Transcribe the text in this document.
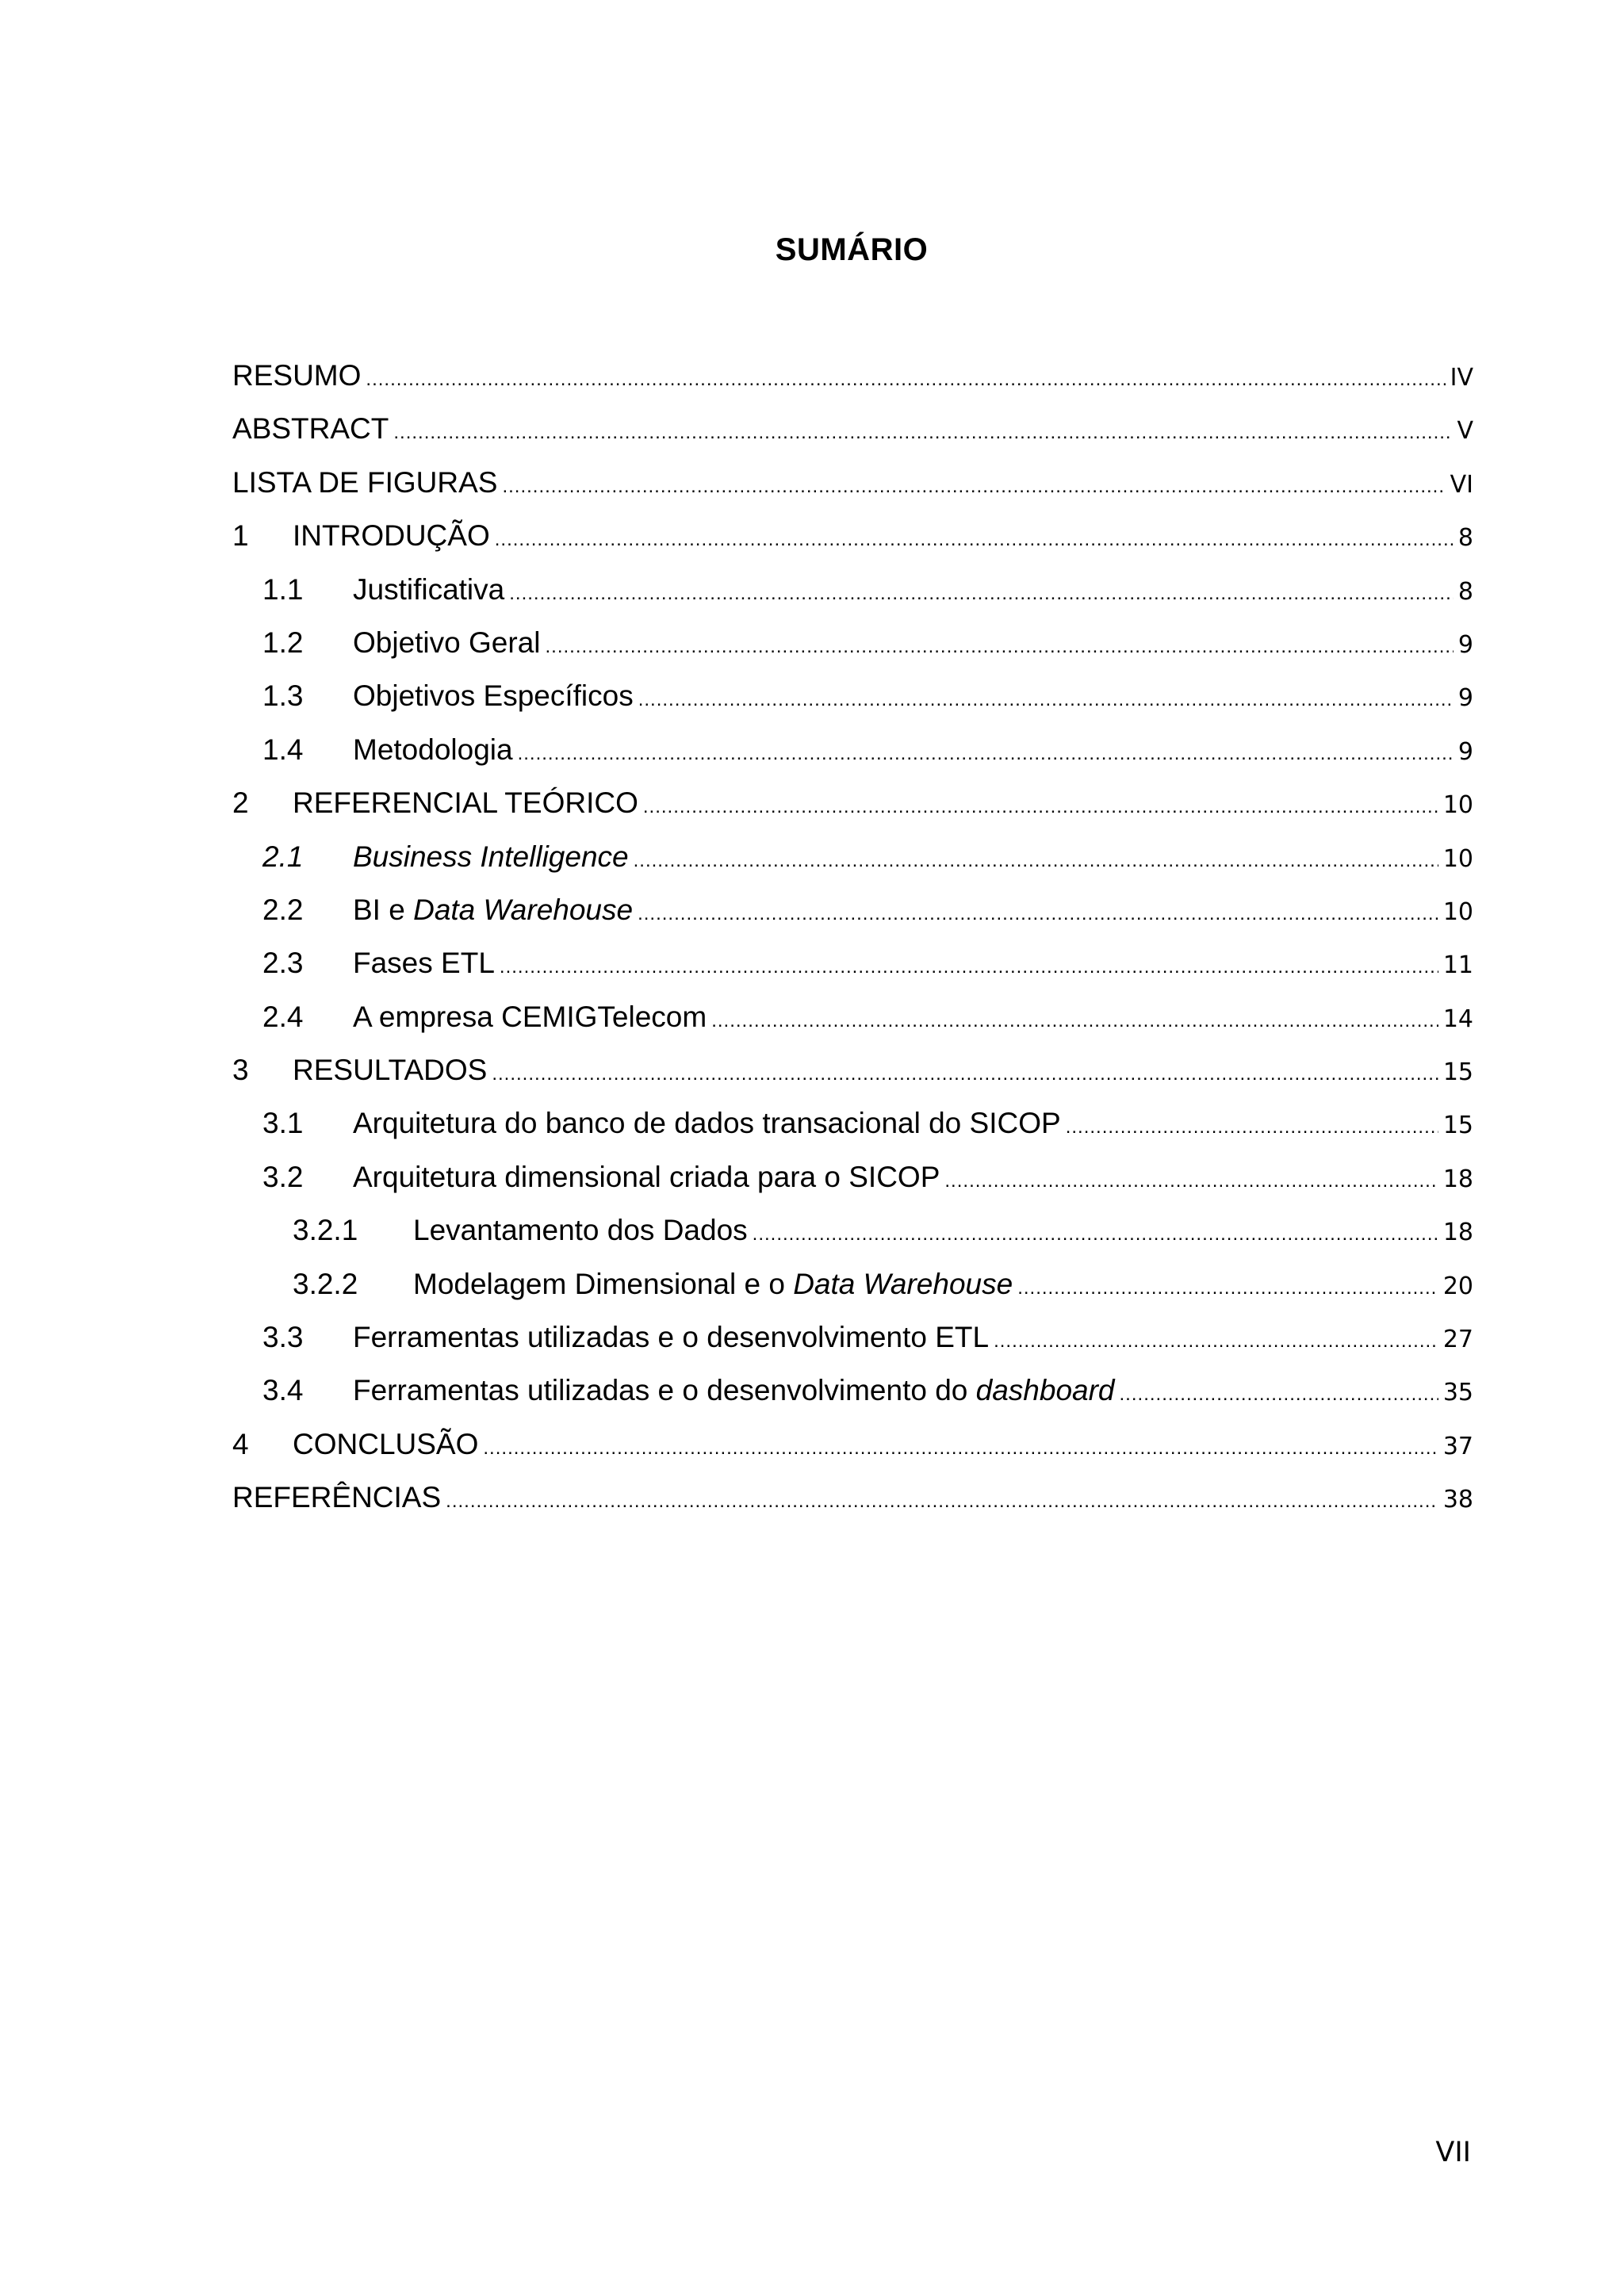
SUMÁRIO
RESUMO .....	IV
ABSTRACT .....	V
LISTA DE FIGURAS .....	VI
1	INTRODUÇÃO .....	8
1.1	Justificativa .....	8
1.2	Objetivo Geral .....	9
1.3	Objetivos Específicos .....	9
1.4	Metodologia .....	9
2	REFERENCIAL TEÓRICO .....	10
2.1	Business Intelligence .....	10
2.2	BI e Data Warehouse .....	10
2.3	Fases ETL .....	11
2.4	A empresa CEMIGTelecom .....	14
3	RESULTADOS .....	15
3.1	Arquitetura do banco de dados transacional do SICOP .....	15
3.2	Arquitetura dimensional criada para o SICOP .....	18
3.2.1	Levantamento dos Dados .....	18
3.2.2	Modelagem Dimensional e o Data Warehouse .....	20
3.3	Ferramentas utilizadas e o desenvolvimento ETL .....	27
3.4	Ferramentas utilizadas e o desenvolvimento do dashboard .....	35
4	CONCLUSÃO .....	37
REFERÊNCIAS .....	38
VII
